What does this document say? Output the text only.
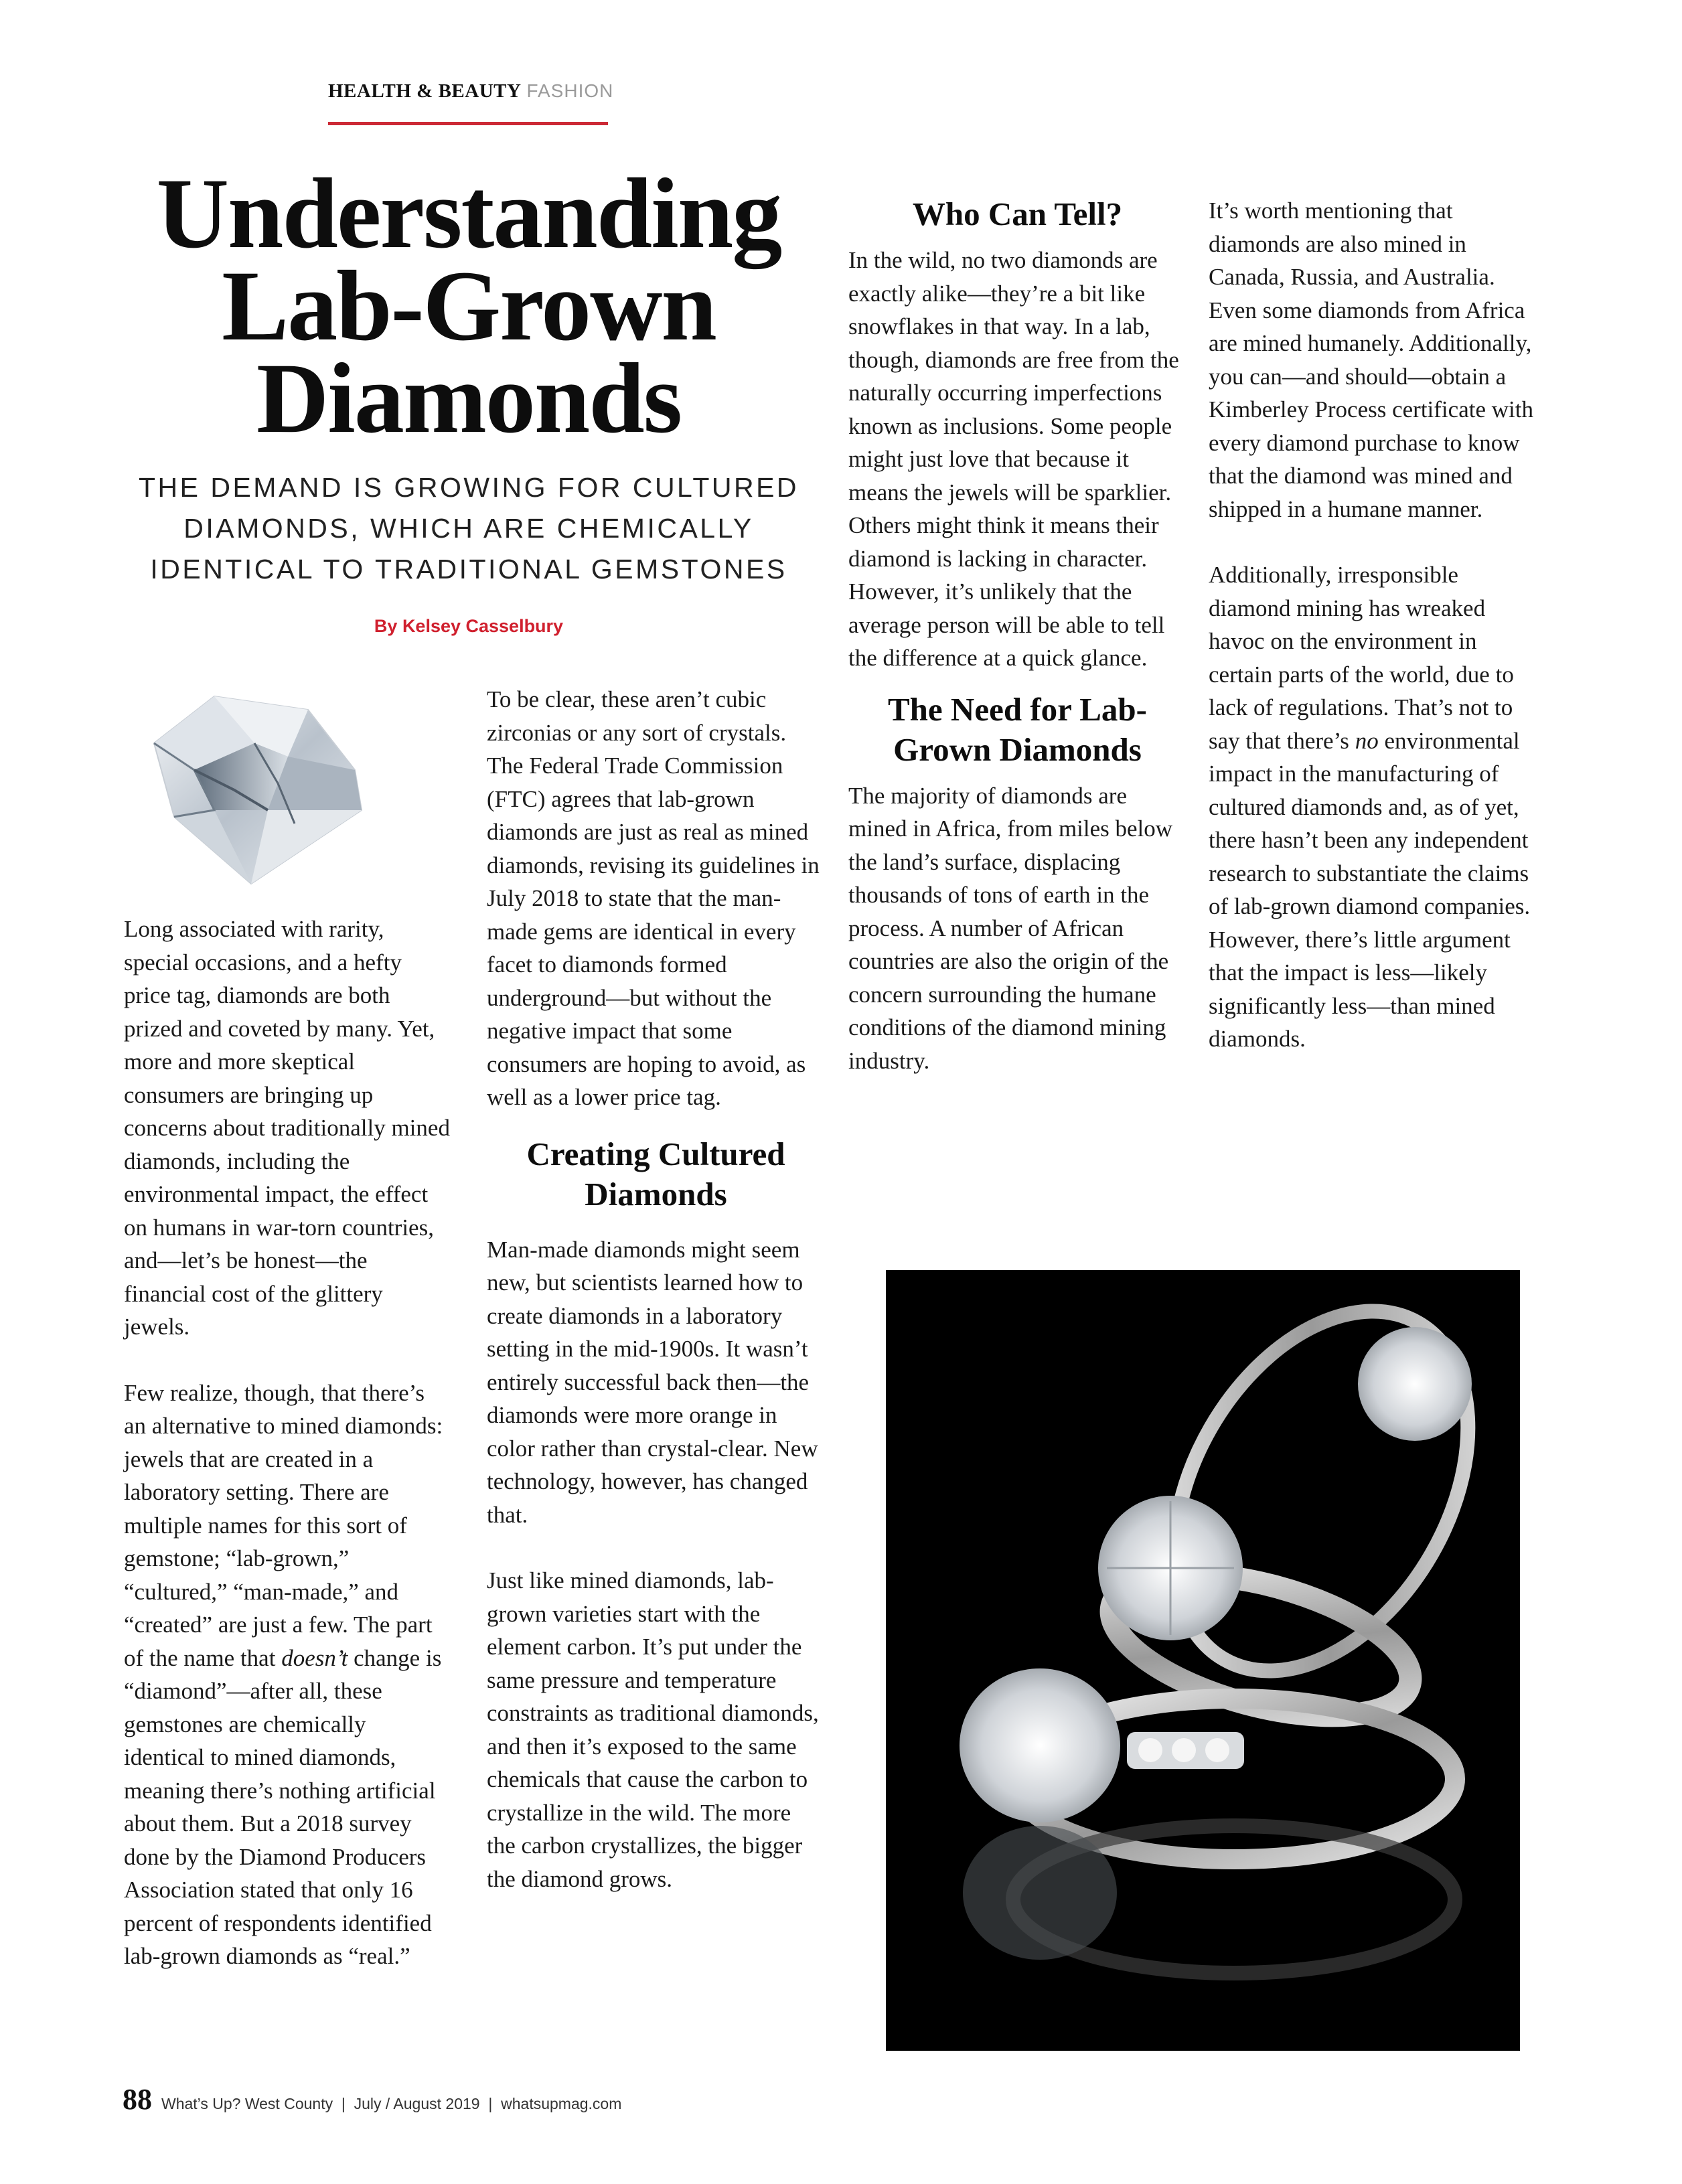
HEALTH & BEAUTY FASHION
Understanding
Lab-Grown
Diamonds
THE DEMAND IS GROWING FOR CULTURED
DIAMONDS, WHICH ARE CHEMICALLY
IDENTICAL TO TRADITIONAL GEMSTONES
By Kelsey Casselbury

Long associated with rarity, special occasions, and a hefty price tag, diamonds are both prized and coveted by many. Yet, more and more skeptical consumers are bringing up concerns about traditionally mined diamonds, including the environmental impact, the effect on humans in war-torn countries, and—let’s be honest—the financial cost of the glittery jewels.

Few realize, though, that there’s an alternative to mined diamonds: jewels that are created in a laboratory setting. There are multiple names for this sort of gemstone; “lab-grown,” “cultured,” “man-made,” and “created” are just a few. The part of the name that doesn’t change is “diamond”—after all, these gemstones are chemically identical to mined diamonds, meaning there’s nothing artificial about them. But a 2018 survey done by the Diamond Producers Association stated that only 16 percent of respondents identified lab-grown diamonds as “real.”

To be clear, these aren’t cubic zirconias or any sort of crystals. The Federal Trade Commission (FTC) agrees that lab-grown diamonds are just as real as mined diamonds, revising its guidelines in July 2018 to state that the man-made gems are identical in every facet to diamonds formed underground—but without the negative impact that some consumers are hoping to avoid, as well as a lower price tag.

Creating Cultured Diamonds

Man-made diamonds might seem new, but scientists learned how to create diamonds in a laboratory setting in the mid-1900s. It wasn’t entirely successful back then—the diamonds were more orange in color rather than crystal-clear. New technology, however, has changed that.

Just like mined diamonds, lab-grown varieties start with the element carbon. It’s put under the same pressure and temperature constraints as traditional diamonds, and then it’s exposed to the same chemicals that cause the carbon to crystallize in the wild. The more the carbon crystallizes, the bigger the diamond grows.

Who Can Tell?

In the wild, no two diamonds are exactly alike—they’re a bit like snowflakes in that way. In a lab, though, diamonds are free from the naturally occurring imperfections known as inclusions. Some people might just love that because it means the jewels will be sparklier. Others might think it means their diamond is lacking in character. However, it’s unlikely that the average person will be able to tell the difference at a quick glance.

The Need for Lab-Grown Diamonds

The majority of diamonds are mined in Africa, from miles below the land’s surface, displacing thousands of tons of earth in the process. A number of African countries are also the origin of the concern surrounding the humane conditions of the diamond mining industry.

It’s worth mentioning that diamonds are also mined in Canada, Russia, and Australia. Even some diamonds from Africa are mined humanely. Additionally, you can—and should—obtain a Kimberley Process certificate with every diamond purchase to know that the diamond was mined and shipped in a humane manner.

Additionally, irresponsible diamond mining has wreaked havoc on the environment in certain parts of the world, due to lack of regulations. That’s not to say that there’s no environmental impact in the manufacturing of cultured diamonds and, as of yet, there hasn’t been any independent research to substantiate the claims of lab-grown diamond companies. However, there’s little argument that the impact is less—likely significantly less—than mined diamonds.

88 What’s Up? West County  |  July / August 2019  |  whatsupmag.com
